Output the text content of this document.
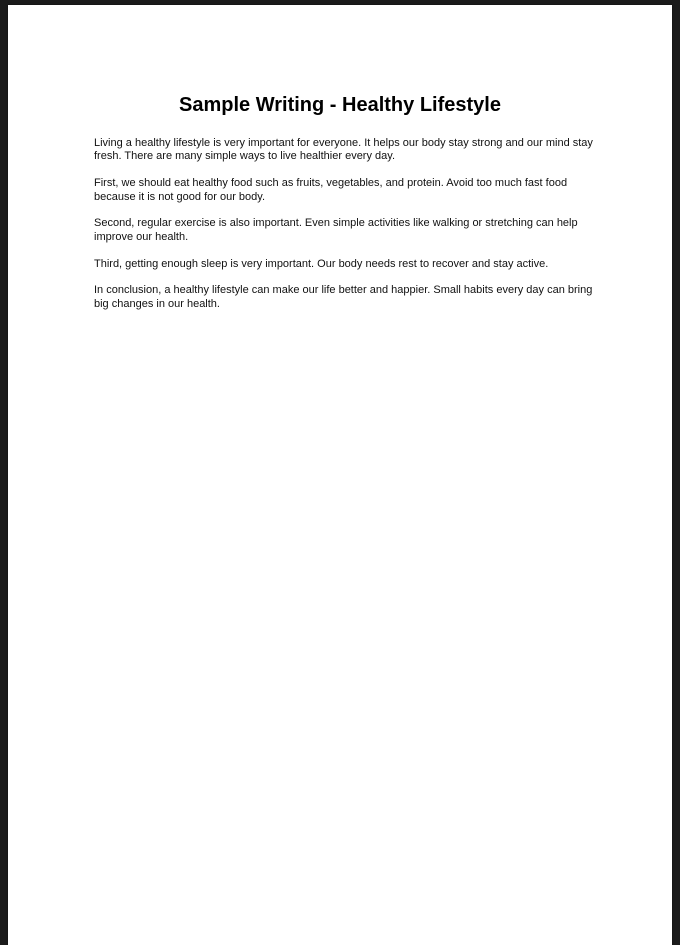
Sample Writing - Healthy Lifestyle

Living a healthy lifestyle is very important for everyone. It helps our body stay strong and our mind stay fresh. There are many simple ways to live healthier every day.

First, we should eat healthy food such as fruits, vegetables, and protein. Avoid too much fast food because it is not good for our body.

Second, regular exercise is also important. Even simple activities like walking or stretching can help improve our health.

Third, getting enough sleep is very important. Our body needs rest to recover and stay active.

In conclusion, a healthy lifestyle can make our life better and happier. Small habits every day can bring big changes in our health.
